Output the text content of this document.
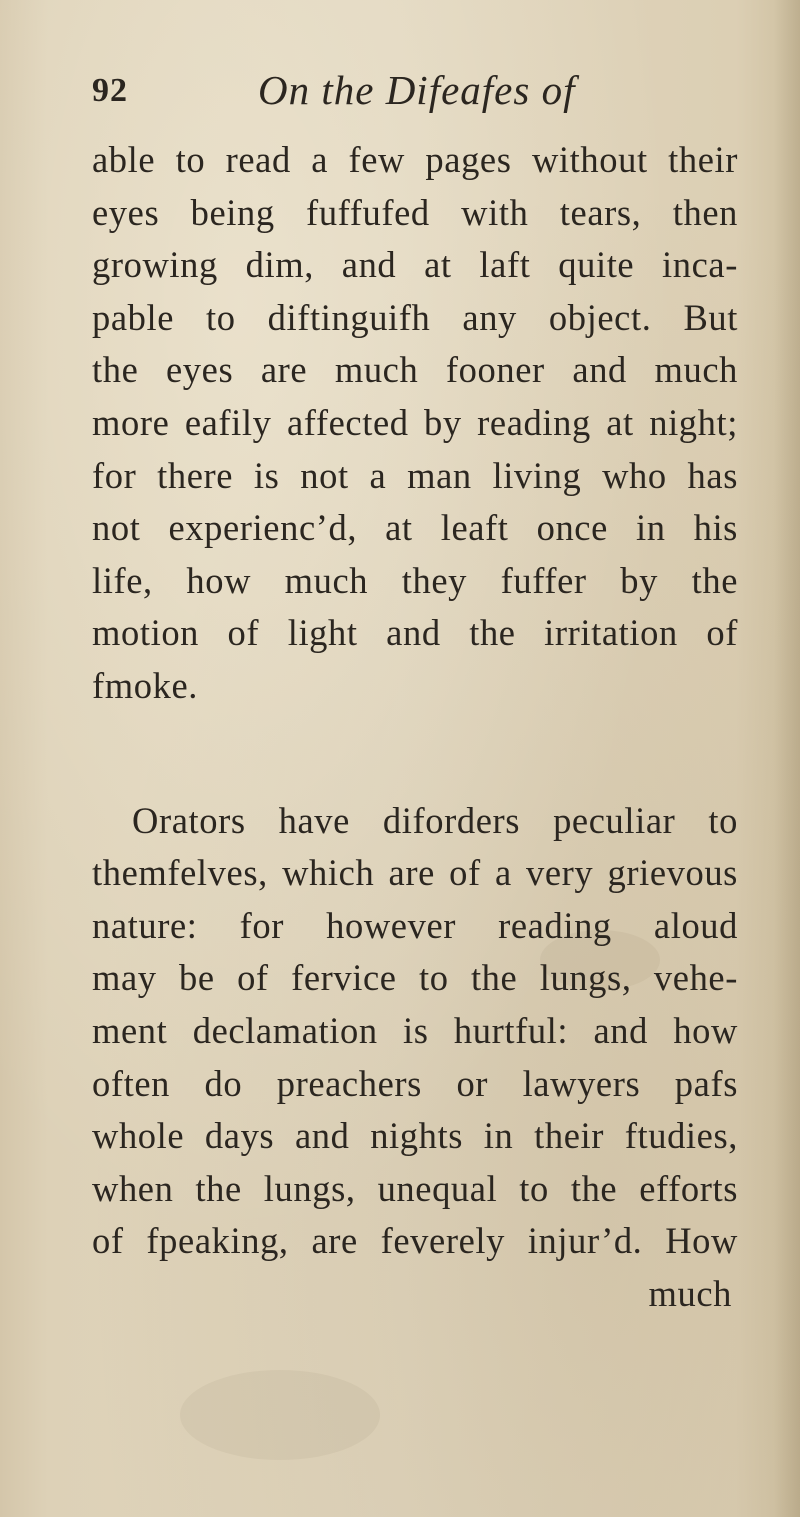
92	On the Difeafes of
able to read a few pages without their
eyes being fuffufed with tears, then
growing dim, and at laft quite inca-
pable to diftinguifh any object. But
the eyes are much fooner and much
more eafily affected by reading at night;
for there is not a man living who has
not experienc’d, at leaft once in his
life, how much they fuffer by the
motion of light and the irritation of
fmoke.
Orators have diforders peculiar to
themfelves, which are of a very grievous
nature: for however reading aloud
may be of fervice to the lungs, vehe-
ment declamation is hurtful: and how
often do preachers or lawyers pafs
whole days and nights in their ftudies,
when the lungs, unequal to the efforts
of fpeaking, are feverely injur’d. How
much
